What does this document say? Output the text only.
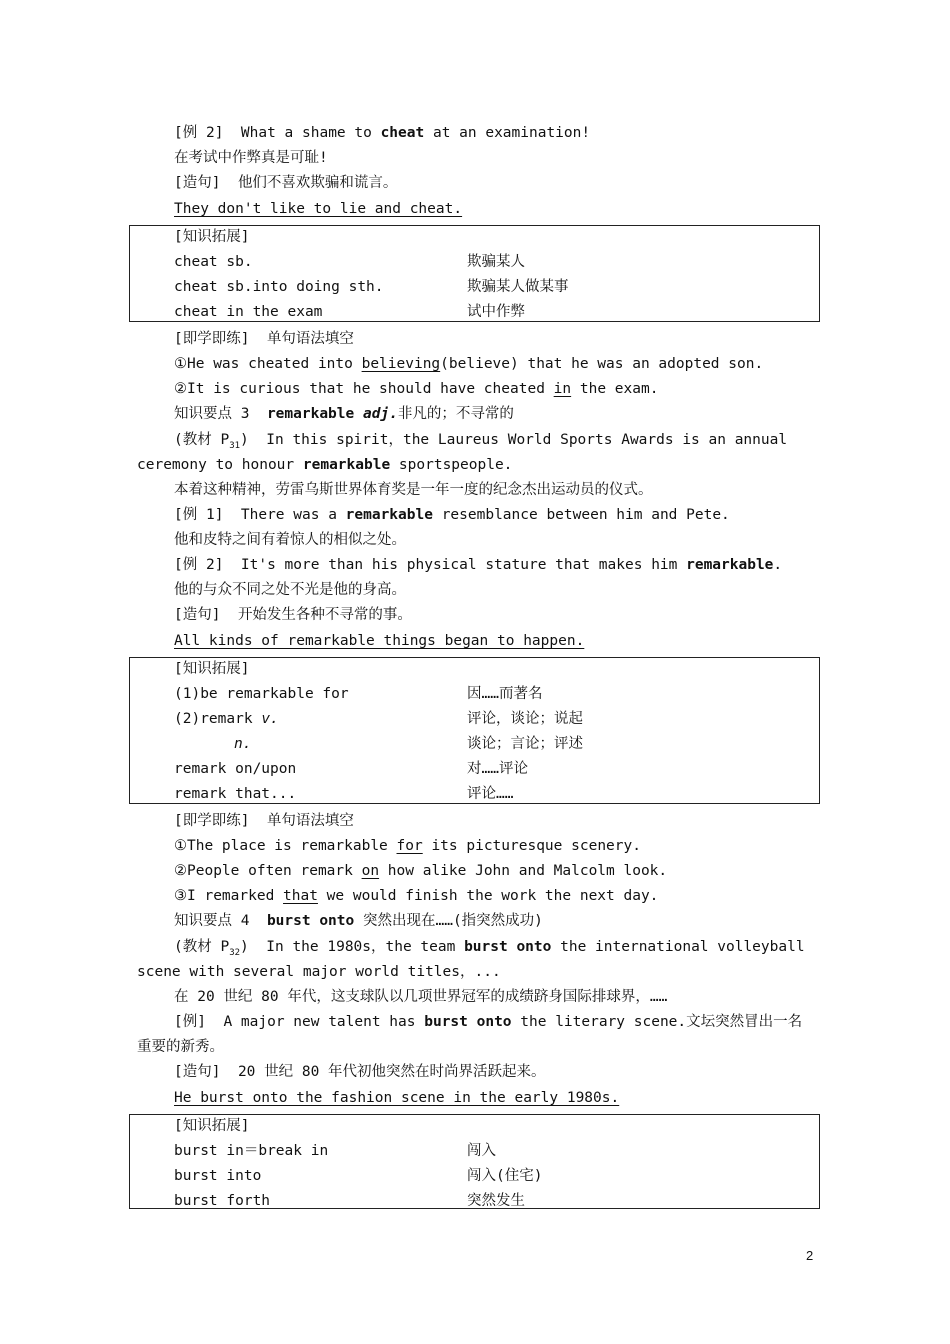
[例 2] What a shame to cheat at an examination!
在考试中作弊真是可耻!
[造句] 他们不喜欢欺骗和谎言。
They don't like to lie and cheat.
[知识拓展]
cheat sb.	欺骗某人
cheat sb.into doing sth.	欺骗某人做某事
cheat in the exam	试中作弊
[即学即练] 单句语法填空
①He was cheated into believing(believe) that he was an adopted son.
②It is curious that he should have cheated in the exam.
知识要点 3 remarkable adj.非凡的；不寻常的
(教材 $P_{31}$) In this spirit，the Laureus World Sports Awards is an annual
ceremony to honour remarkable sportspeople.
本着这种精神，劳雷乌斯世界体育奖是一年一度的纪念杰出运动员的仪式。
[例 1] There was a remarkable resemblance between him and Pete.
他和皮特之间有着惊人的相似之处。
[例 2] It's more than his physical stature that makes him remarkable.
他的与众不同之处不光是他的身高。
[造句] 开始发生各种不寻常的事。
All kinds of remarkable things began to happen.
[知识拓展]
(1)be remarkable for	因……而著名
(2)remark v.	评论，谈论；说起
n.	谈论；言论；评述
remark on/upon	对……评论
remark that...	评论……
[即学即练] 单句语法填空
①The place is remarkable for its picturesque scenery.
②People often remark on how alike John and Malcolm look.
③I remarked that we would finish the work the next day.
知识要点 4 burst onto 突然出现在……(指突然成功)
(教材 $P_{32}$) In the 1980s，the team burst onto the international volleyball
scene with several major world titles，...
在 20 世纪 80 年代，这支球队以几项世界冠军的成绩跻身国际排球界，……
[例] A major new talent has burst onto the literary scene.文坛突然冒出一名
重要的新秀。
[造句] 20 世纪 80 年代初他突然在时尚界活跃起来。
He burst onto the fashion scene in the early 1980s.
[知识拓展]
burst in＝break in	闯入
burst into	闯入(住宅)
burst forth	突然发生
2
